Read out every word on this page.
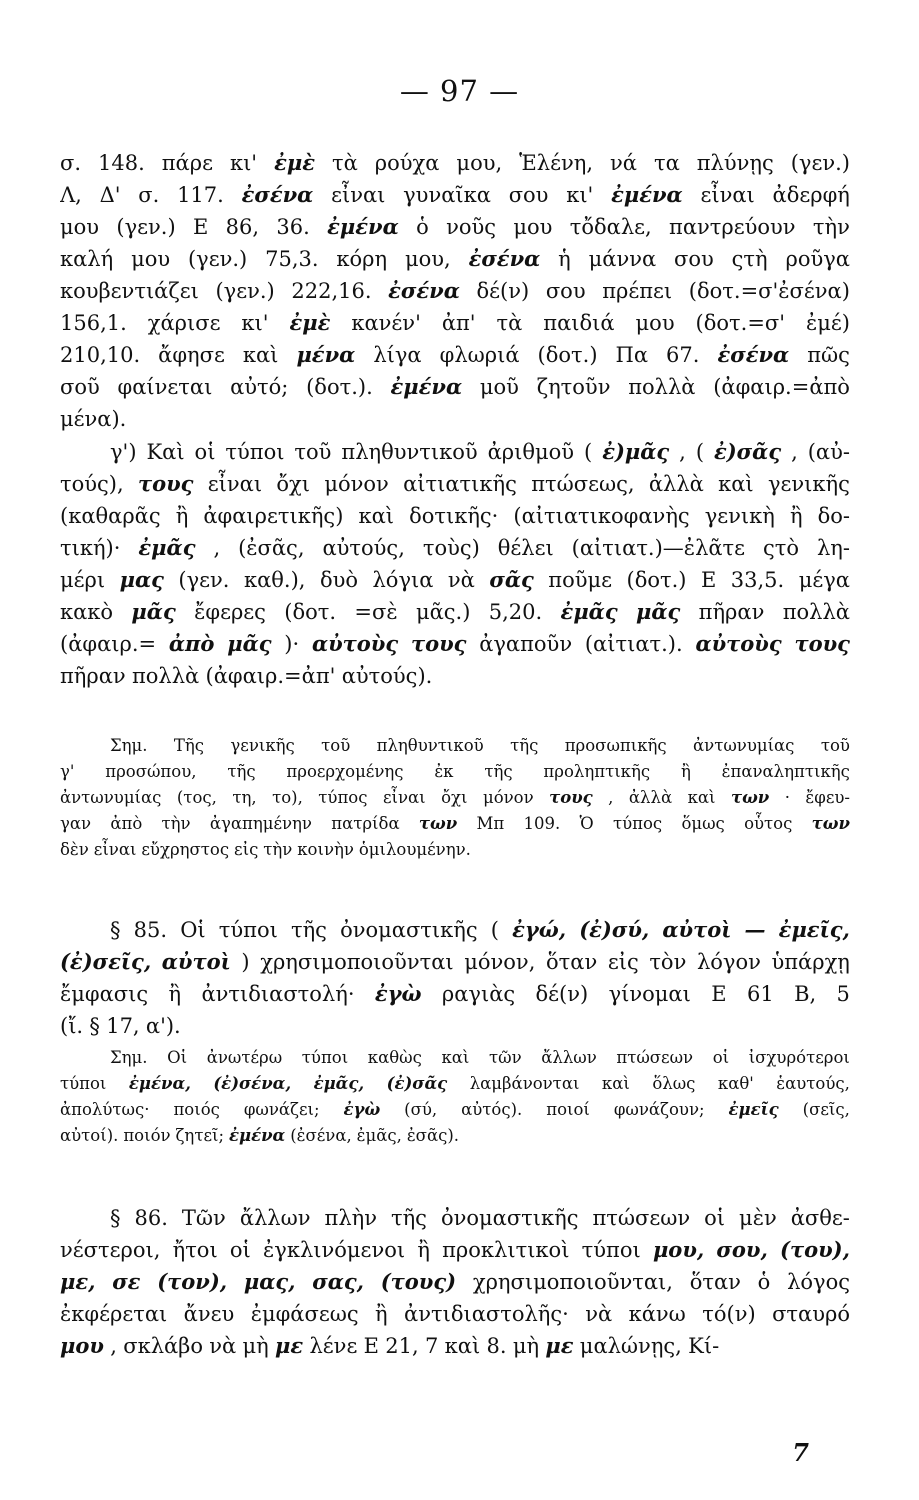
— 97 —
σ. 148. πάρε κι' ἐμὲ τὰ ρούχα μου, Ἑλένη, νά τα πλύνῃς (γεν.)
Λ, Δ' σ. 117. ἐσένα εἶναι γυναῖκα σου κι' ἐμένα εἶναι ἀδερφή
μου (γεν.) Ε 86, 36. ἐμένα ὁ νοῦς μου τὄδαλε, παντρεύουν τὴν
καλή μου (γεν.) 75,3. κόρη μου, ἐσένα ἡ μάννα σου ςτὴ ροῦγα
κουβεντιάζει (γεν.) 222,16. ἐσένα δέ(ν) σου πρέπει (δοτ.=σ'ἐσένα)
156,1. χάρισε κι' ἐμὲ κανέν' ἀπ' τὰ παιδιά μου (δοτ.=σ' ἐμέ)
210,10. ἄφησε καὶ μένα λίγα φλωριά (δοτ.) Πα 67. ἐσένα πῶς
σοῦ φαίνεται αὐτό; (δοτ.). ἐμένα μοῦ ζητοῦν πολλὰ (ἀφαιρ.=ἀπὸ
μένα).
γ') Καὶ οἱ τύποι τοῦ πληθυντικοῦ ἀριθμοῦ ( ἐ)μᾶς , ( ἐ)σᾶς , (αὐ-
τούς), τους εἶναι ὄχι μόνον αἰτιατικῆς πτώσεως, ἀλλὰ καὶ γενικῆς
(καθαρᾶς ἢ ἀφαιρετικῆς) καὶ δοτικῆς· (αἰτιατικοφανὴς γενικὴ ἢ δο-
τική)· ἐμᾶς , (ἐσᾶς, αὐτούς, τοὺς) θέλει (αἰτιατ.)—ἐλᾶτε ςτὸ λη-
μέρι μας (γεν. καθ.), δυὸ λόγια νὰ σᾶς ποῦμε (δοτ.) Ε 33,5. μέγα
κακὸ μᾶς ἔφερες (δοτ. =σὲ μᾶς.) 5,20. ἐμᾶς μᾶς πῆραν πολλὰ
(ἀφαιρ.= ἀπὸ μᾶς )· αὐτοὺς τους ἀγαποῦν (αἰτιατ.). αὐτοὺς τους
πῆραν πολλὰ (ἀφαιρ.=ἀπ' αὐτούς).
Σημ. Τῆς γενικῆς τοῦ πληθυντικοῦ τῆς προσωπικῆς ἀντωνυμίας τοῦ
γ' προσώπου, τῆς προερχομένης ἐκ τῆς προληπτικῆς ἢ ἐπαναληπτικῆς
ἀντωνυμίας (τος, τη, το), τύπος εἶναι ὄχι μόνον τους , ἀλλὰ καὶ των · ἔφευ-
γαν ἀπὸ τὴν ἀγαπημένην πατρίδα των Μπ 109. Ὁ τύπος ὅμως οὗτος των
δὲν εἶναι εὔχρηστος εἰς τὴν κοινὴν ὁμιλουμένην.
§ 85. Οἱ τύποι τῆς ὀνομαστικῆς ( ἐγώ, (ἐ)σύ, αὐτοὶ — ἐμεῖς,
(ἐ)σεῖς, αὐτοὶ ) χρησιμοποιοῦνται μόνον, ὅταν εἰς τὸν λόγον ὑπάρχῃ
ἔμφασις ἢ ἀντιδιαστολή· ἐγὼ ραγιὰς δέ(ν) γίνομαι Ε 61 Β, 5
(ἴ. § 17, α').
Σημ. Οἱ ἀνωτέρω τύποι καθὼς καὶ τῶν ἄλλων πτώσεων οἱ ἰσχυρότεροι
τύποι ἐμένα, (ἐ)σένα, ἐμᾶς, (ἐ)σᾶς λαμβάνονται καὶ ὅλως καθ' ἑαυτούς,
ἀπολύτως· ποιός φωνάζει; ἐγὼ (σύ, αὐτός). ποιοί φωνάζουν; ἐμεῖς (σεῖς,
αὐτοί). ποιόν ζητεῖ; ἐμένα (ἐσένα, ἐμᾶς, ἐσᾶς).
§ 86. Τῶν ἄλλων πλὴν τῆς ὀνομαστικῆς πτώσεων οἱ μὲν ἀσθε-
νέστεροι, ἤτοι οἱ ἐγκλινόμενοι ἢ προκλιτικοὶ τύποι μου, σου, (του),
με, σε (τον), μας, σας, (τους) χρησιμοποιοῦνται, ὅταν ὁ λόγος
ἐκφέρεται ἄνευ ἐμφάσεως ἢ ἀντιδιαστολῆς· νὰ κάνω τό(ν) σταυρό
μου , σκλάβο νὰ μὴ με λένε Ε 21, 7 καὶ 8. μὴ με μαλώνῃς, Κί-
7
